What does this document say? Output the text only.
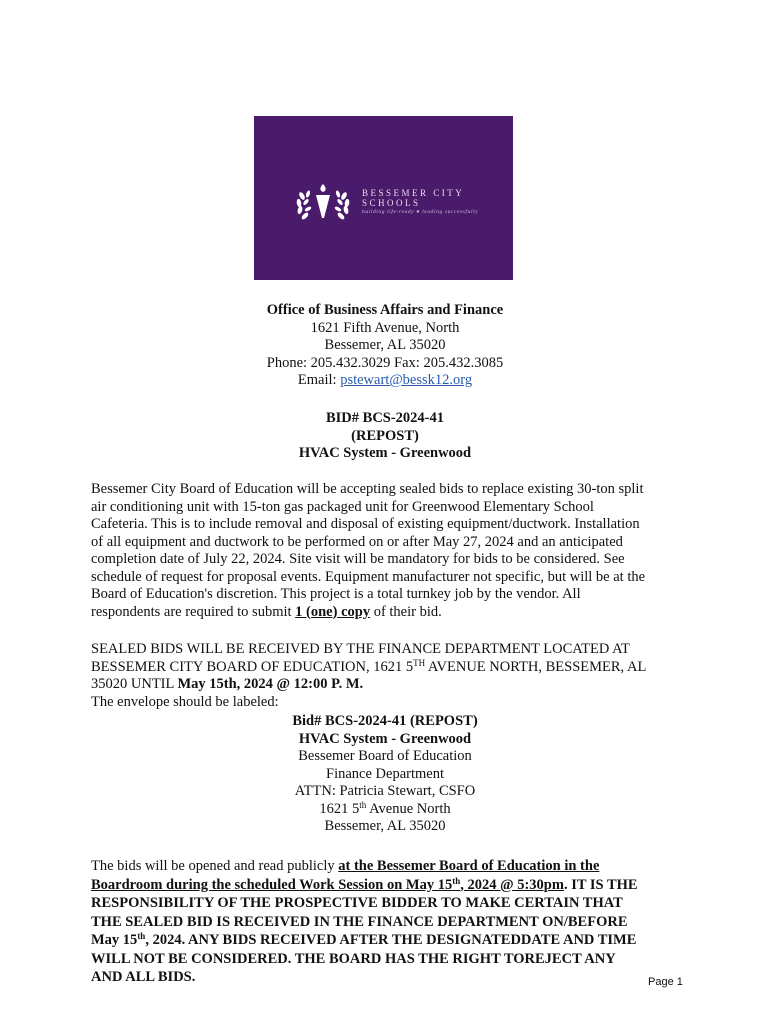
BESSEMER CITY
SCHOOLS
building life-ready ● leading successfully
Office of Business Affairs and Finance
1621 Fifth Avenue, North
Bessemer, AL 35020
Phone: 205.432.3029 Fax: 205.432.3085
Email: pstewart@bessk12.org
BID# BCS-2024-41
(REPOST)
HVAC System - Greenwood
Bessemer City Board of Education will be accepting sealed bids to replace existing 30-ton split
air conditioning unit with 15-ton gas packaged unit for Greenwood Elementary School
Cafeteria. This is to include removal and disposal of existing equipment/ductwork. Installation
of all equipment and ductwork to be performed on or after May 27, 2024 and an anticipated
completion date of July 22, 2024. Site visit will be mandatory for bids to be considered. See
schedule of request for proposal events. Equipment manufacturer not specific, but will be at the
Board of Education's discretion. This project is a total turnkey job by the vendor. All
respondents are required to submit 1 (one) copy of their bid.
SEALED BIDS WILL BE RECEIVED BY THE FINANCE DEPARTMENT LOCATED AT
BESSEMER CITY BOARD OF EDUCATION, 1621 5TH AVENUE NORTH, BESSEMER, AL
35020 UNTIL May 15th, 2024 @ 12:00 P. M.
The envelope should be labeled:
Bid# BCS-2024-41 (REPOST)
HVAC System - Greenwood
Bessemer Board of Education
Finance Department
ATTN: Patricia Stewart, CSFO
1621 5th Avenue North
Bessemer, AL 35020
The bids will be opened and read publicly at the Bessemer Board of Education in the
Boardroom during the scheduled Work Session on May 15th, 2024 @ 5:30pm. IT IS THE
RESPONSIBILITY OF THE PROSPECTIVE BIDDER TO MAKE CERTAIN THAT
THE SEALED BID IS RECEIVED IN THE FINANCE DEPARTMENT ON/BEFORE
May 15th, 2024. ANY BIDS RECEIVED AFTER THE DESIGNATEDDATE AND TIME
WILL NOT BE CONSIDERED. THE BOARD HAS THE RIGHT TOREJECT ANY
AND ALL BIDS.	Page 1
